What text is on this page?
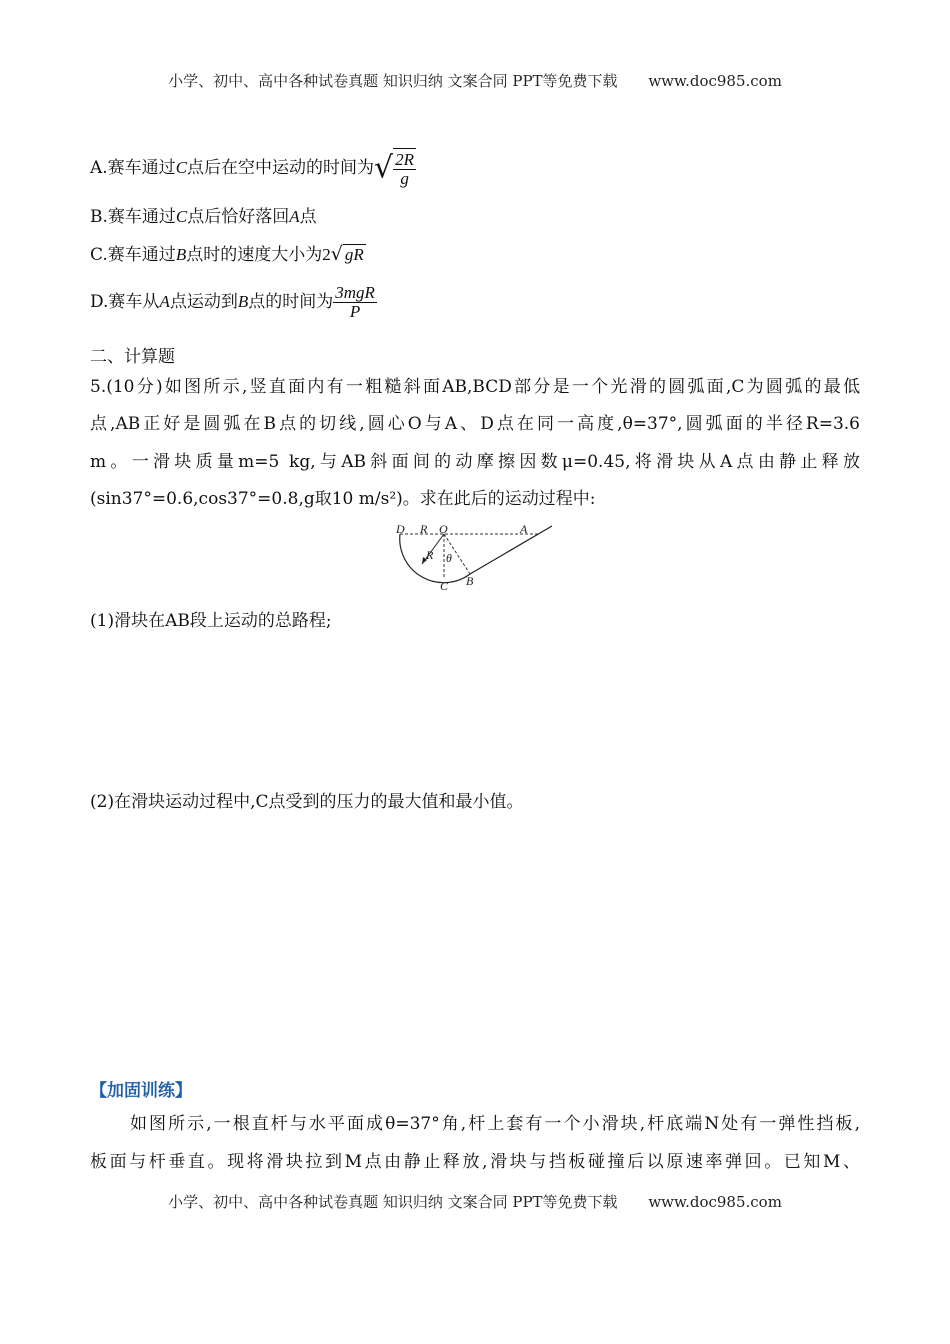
小学、初中、高中各种试卷真题 知识归纳 文案合同 PPT等免费下载 www.doc985.com
A.赛车通过C点后在空中运动的时间为√ $\frac{2R}{g}$
B.赛车通过C点后恰好落回A点
C.赛车通过B点时的速度大小为2√ gR
D.赛车从A点运动到B点的时间为 $\frac{\text{3mgR}}{P}$
二、计算题
5.(10分)如图所示,竖直面内有一粗糙斜面AB,BCD部分是一个光滑的圆弧面,C为圆弧的最低
点,AB正好是圆弧在B点的切线,圆心O与A、D点在同一高度,θ=37°,圆弧面的半径R=3.6
m。一滑块质量m=5 kg,与AB斜面间的动摩擦因数μ=0.45,将滑块从A点由静止释放
(sin37°=0.6,cos37°=0.8,g取10 m/s²)。求在此后的运动过程中:
D R O	A
R θ
C B
(1)滑块在AB段上运动的总路程;
(2)在滑块运动过程中,C点受到的压力的最大值和最小值。
【加固训练】
如图所示,一根直杆与水平面成θ=37°角,杆上套有一个小滑块,杆底端N处有一弹性挡板,
板面与杆垂直。现将滑块拉到M点由静止释放,滑块与挡板碰撞后以原速率弹回。已知M、
小学、初中、高中各种试卷真题 知识归纳 文案合同 PPT等免费下载 www.doc985.com
